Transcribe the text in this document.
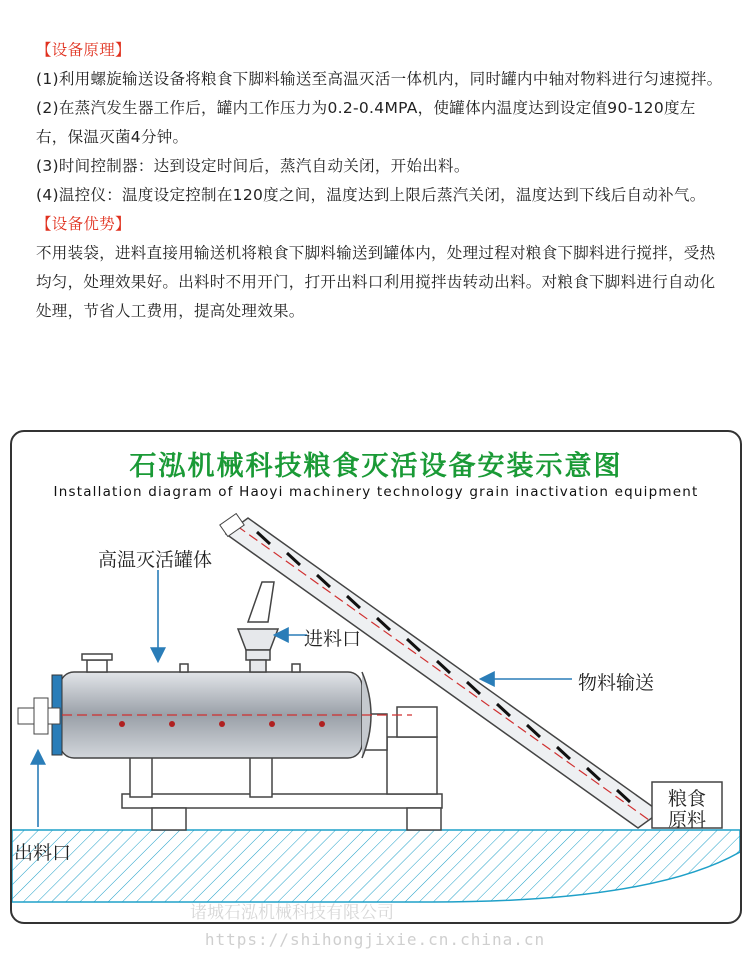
【设备原理】

(1)利用螺旋输送设备将粮食下脚料输送至高温灭活一体机内，同时罐内中轴对物料进行匀速搅拌。

(2)在蒸汽发生器工作后，罐内工作压力为0.2-0.4MPA，使罐体内温度达到设定值90-120度左右，保温灭菌4分钟。

(3)时间控制器：达到设定时间后，蒸汽自动关闭，开始出料。

(4)温控仪：温度设定控制在120度之间，温度达到上限后蒸汽关闭，温度达到下线后自动补气。

【设备优势】

不用装袋，进料直接用输送机将粮食下脚料输送到罐体内，处理过程对粮食下脚料进行搅拌，受热均匀，处理效果好。出料时不用开门，打开出料口利用搅拌齿转动出料。对粮食下脚料进行自动化处理，节省人工费用，提高处理效果。

石泓机械科技粮食灭活设备安装示意图
Installation diagram of Haoyi machinery technology grain inactivation equipment
高温灭活罐体
进料口
物料输送
粮食
原料
出料口
诸城石泓机械科技有限公司
https://shihongjixie.cn.china.cn
